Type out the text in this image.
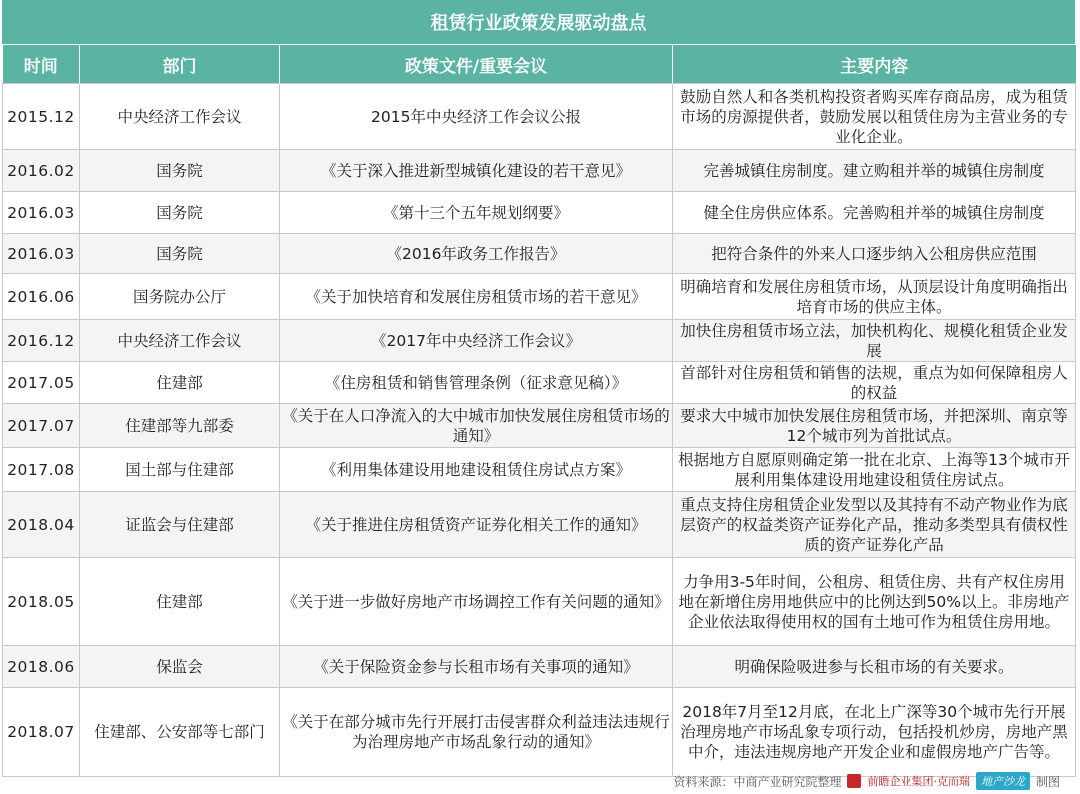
租赁行业政策发展驱动盘点
时间	部门	政策文件/重要会议	主要内容
2015.12	中央经济工作会议	2015年中央经济工作会议公报	鼓励自然人和各类机构投资者购买库存商品房，成为租赁市场的房源提供者，鼓励发展以租赁住房为主营业务的专业化企业。
2016.02	国务院	《关于深入推进新型城镇化建设的若干意见》	完善城镇住房制度。建立购租并举的城镇住房制度
2016.03	国务院	《第十三个五年规划纲要》	健全住房供应体系。完善购租并举的城镇住房制度
2016.03	国务院	《2016年政务工作报告》	把符合条件的外来人口逐步纳入公租房供应范围
2016.06	国务院办公厅	《关于加快培育和发展住房租赁市场的若干意见》	明确培育和发展住房租赁市场，从顶层设计角度明确指出培育市场的供应主体。
2016.12	中央经济工作会议	《2017年中央经济工作会议》	加快住房租赁市场立法，加快机构化、规模化租赁企业发展
2017.05	住建部	《住房租赁和销售管理条例（征求意见稿）》	首部针对住房租赁和销售的法规，重点为如何保障租房人的权益
2017.07	住建部等九部委	《关于在人口净流入的大中城市加快发展住房租赁市场的通知》	要求大中城市加快发展住房租赁市场，并把深圳、南京等12个城市列为首批试点。
2017.08	国土部与住建部	《利用集体建设用地建设租赁住房试点方案》	根据地方自愿原则确定第一批在北京、上海等13个城市开展利用集体建设用地建设租赁住房试点。
2018.04	证监会与住建部	《关于推进住房租赁资产证券化相关工作的通知》	重点支持住房租赁企业发型以及其持有不动产物业作为底层资产的权益类资产证券化产品，推动多类型具有债权性质的资产证券化产品
2018.05	住建部	《关于进一步做好房地产市场调控工作有关问题的通知》	力争用3-5年时间，公租房、租赁住房、共有产权住房用地在新增住房用地供应中的比例达到50%以上。非房地产企业依法取得使用权的国有土地可作为租赁住房用地。
2018.06	保监会	《关于保险资金参与长租市场有关事项的通知》	明确保险吸进参与长租市场的有关要求。
2018.07	住建部、公安部等七部门	《关于在部分城市先行开展打击侵害群众利益违法违规行为治理房地产市场乱象行动的通知》	2018年7月至12月底，在北上广深等30个城市先行开展治理房地产市场乱象专项行动，包括投机炒房，房地产黑中介，违法违规房地产开发企业和虚假房地产广告等。
资料来源：中商产业研究院整理 前瞻企业集团·克而瑞	地产沙龙 制图
